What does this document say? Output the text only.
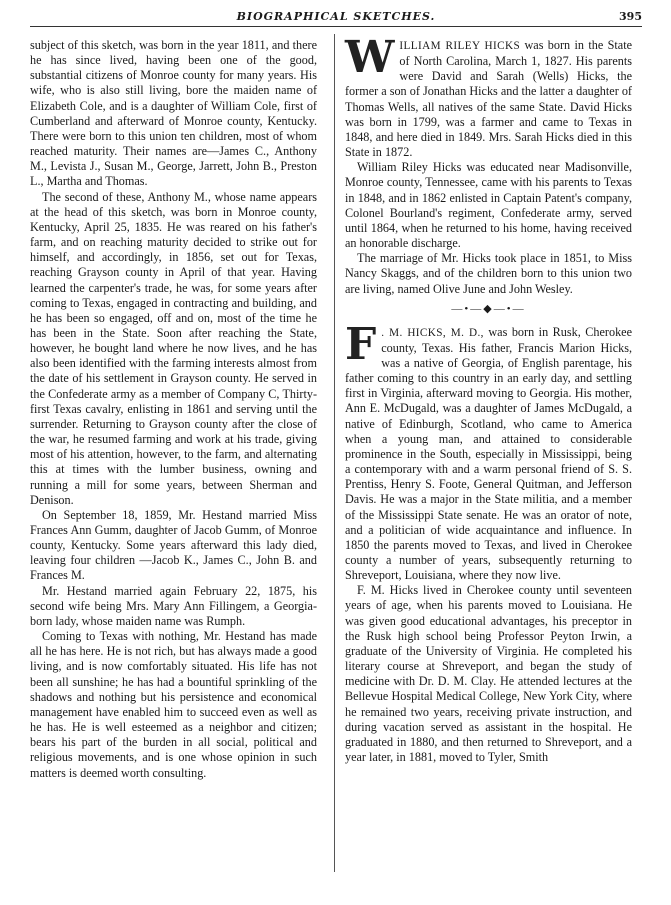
BIOGRAPHICAL SKETCHES.	395

subject of this sketch, was born in the year 1811, and there he has since lived, having been one of the good, substantial citizens of Monroe county for many years. His wife, who is also still living, bore the maiden name of Elizabeth Cole, and is a daughter of William Cole, first of Cumberland and afterward of Monroe county, Kentucky. There were born to this union ten children, most of whom reached maturity. Their names are—James C., Anthony M., Levista J., Susan M., George, Jarrett, John B., Preston L., Martha and Thomas.

The second of these, Anthony M., whose name appears at the head of this sketch, was born in Monroe county, Kentucky, April 25, 1835. He was reared on his father's farm, and on reaching maturity decided to strike out for himself, and accordingly, in 1856, set out for Texas, reaching Grayson county in April of that year. Having learned the carpenter's trade, he was, for some years after coming to Texas, engaged in contracting and building, and he has been so engaged, off and on, most of the time he has been in the State. Soon after reaching the State, however, he bought land where he now lives, and he has also been identified with the farming interests almost from the date of his settlement in Grayson county. He served in the Confederate army as a member of Company C, Thirty-first Texas cavalry, enlisting in 1861 and serving until the surrender. Returning to Grayson county after the close of the war, he resumed farming and work at his trade, giving most of his attention, however, to the farm, and alternating this at times with the lumber business, owning and running a mill for some years, between Sherman and Denison.

On September 18, 1859, Mr. Hestand married Miss Frances Ann Gumm, daughter of Jacob Gumm, of Monroe county, Kentucky. Some years afterward this lady died, leaving four children —Jacob K., James C., John B. and Frances M.

Mr. Hestand married again February 22, 1875, his second wife being Mrs. Mary Ann Fillingem, a Georgia-born lady, whose maiden name was Rumph.

Coming to Texas with nothing, Mr. Hestand has made all he has here. He is not rich, but has always made a good living, and is now comfortably situated. His life has not been all sunshine; he has had a bountiful sprinkling of the shadows and nothing but his persistence and economical management have enabled him to succeed even as well as he has. He is well esteemed as a neighbor and citizen; bears his part of the burden in all social, political and religious movements, and is one whose opinion in such matters is deemed worth consulting.

WILLIAM RILEY HICKS was born in the State of North Carolina, March 1, 1827. His parents were David and Sarah (Wells) Hicks, the former a son of Jonathan Hicks and the latter a daughter of Thomas Wells, all natives of the same State. David Hicks was born in 1799, was a farmer and came to Texas in 1848, and here died in 1849. Mrs. Sarah Hicks died in this State in 1872.

William Riley Hicks was educated near Madisonville, Monroe county, Tennessee, came with his parents to Texas in 1848, and in 1862 enlisted in Captain Patent's company, Colonel Bourland's regiment, Confederate army, served until 1864, when he returned to his home, having received an honorable discharge.

The marriage of Mr. Hicks took place in 1851, to Miss Nancy Skaggs, and of the children born to this union two are living, named Olive June and John Wesley.

—•—◆—•—

F . M. HICKS, M. D., was born in Rusk, Cherokee county, Texas. His father, Francis Marion Hicks, was a native of Georgia, of English parentage, his father coming to this country in an early day, and settling first in Virginia, afterward moving to Georgia. His mother, Ann E. McDugald, was a daughter of James McDugald, a native of Edinburgh, Scotland, who came to America when a young man, and attained to considerable prominence in the South, especially in Mississippi, being a contemporary with and a warm personal friend of S. S. Prentiss, Henry S. Foote, General Quitman, and Jefferson Davis. He was a major in the State militia, and a member of the Mississippi State senate. He was an orator of note, and a politician of wide acquaintance and influence. In 1850 the parents moved to Texas, and lived in Cherokee county a number of years, subsequently returning to Shreveport, Louisiana, where they now live.

F. M. Hicks lived in Cherokee county until seventeen years of age, when his parents moved to Louisiana. He was given good educational advantages, his preceptor in the Rusk high school being Professor Peyton Irwin, a graduate of the University of Virginia. He completed his literary course at Shreveport, and began the study of medicine with Dr. D. M. Clay. He attended lectures at the Bellevue Hospital Medical College, New York City, where he remained two years, receiving private instruction, and during vacation served as assistant in the hospital. He graduated in 1880, and then returned to Shreveport, and a year later, in 1881, moved to Tyler, Smith
